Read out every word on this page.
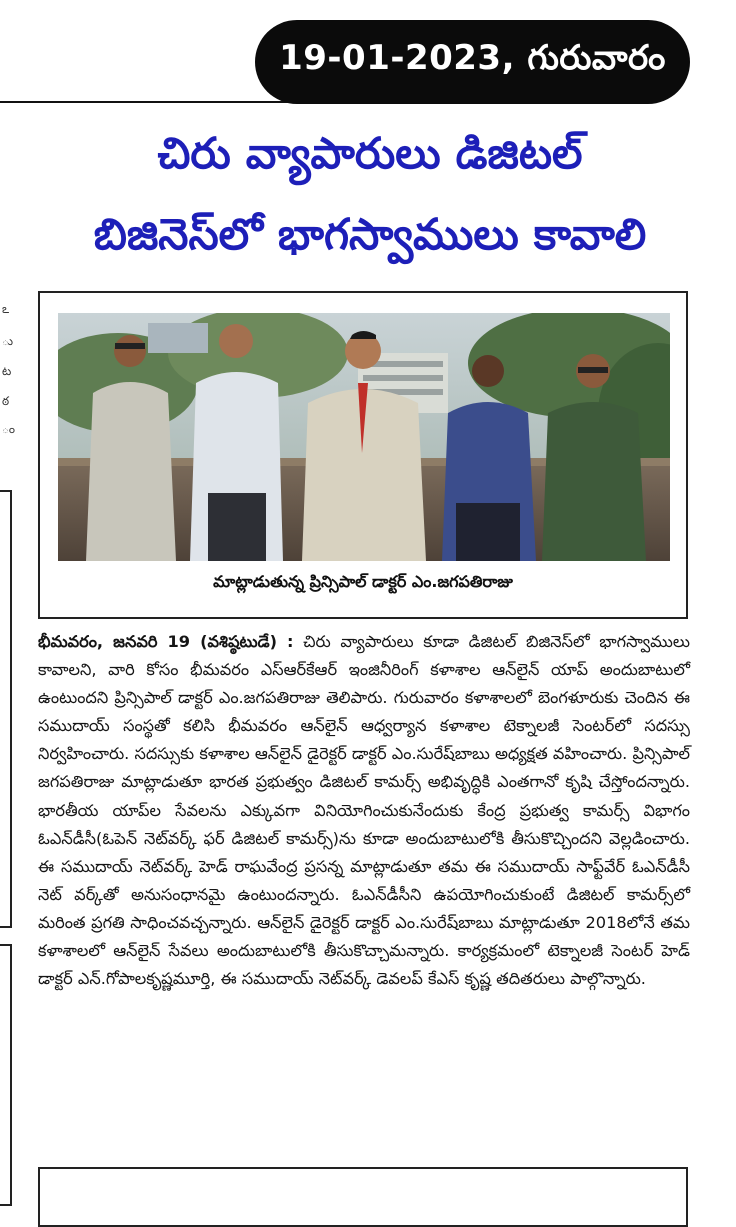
19-01-2023, గురువారం
చిరు వ్యాపారులు డిజిటల్
బిజినెస్‌లో భాగస్వాములు కావాలి
ఽ
ు
ట
ఠ
ం
మాట్లాడుతున్న ప్రిన్సిపాల్ డాక్టర్ ఎం.జగపతిరాజు
భీమవరం, జనవరి 19 (వశిష్ఠటుడే) : చిరు వ్యాపారులు కూడా డిజిటల్ బిజినెస్‌లో భాగస్వాములు కావాలని, వారి కోసం భీమవరం ఎస్ఆర్‌కేఆర్ ఇంజినీరింగ్ కళాశాల ఆన్‌లైన్ యాప్ అందుబాటులో ఉంటుందని ప్రిన్సిపాల్ డాక్టర్ ఎం.జగపతిరాజు తెలిపారు. గురువారం కళాశాలలో బెంగళూరుకు చెందిన ఈ సముదాయ్ సంస్థతో కలిసి భీమవరం ఆన్‌లైన్ ఆధ్వర్యాన కళాశాల టెక్నాలజీ సెంటర్‌లో సదస్సు నిర్వహించారు. సదస్సుకు కళాశాల ఆన్‌లైన్ డైరెక్టర్ డాక్టర్ ఎం.సురేష్‌బాబు అధ్యక్షత వహించారు. ప్రిన్సిపాల్ జగపతిరాజు మాట్లాడుతూ భారత ప్రభుత్వం డిజిటల్ కామర్స్ అభివృద్ధికి ఎంతగానో కృషి చేస్తోందన్నారు. భారతీయ యాప్‌ల సేవలను ఎక్కువగా వినియోగించుకునేందుకు కేంద్ర ప్రభుత్వ కామర్స్ విభాగం ఓఎన్‌డీసీ(ఓపెన్ నెట్‌వర్క్ ఫర్ డిజిటల్ కామర్స్)ను కూడా అందుబాటులోకి తీసుకొచ్చిందని వెల్లడించారు. ఈ సముదాయ్ నెట్‌వర్క్ హెడ్ రాఘవేంద్ర ప్రసన్న మాట్లాడుతూ తమ ఈ సముదాయ్ సాఫ్ట్‌వేర్ ఓఎన్‌డీసీ నెట్ వర్క్‌తో అనుసంధానమై ఉంటుందన్నారు. ఓఎన్‌డీసీని ఉపయోగించుకుంటే డిజిటల్ కామర్స్‌లో మరింత ప్రగతి సాధించవచ్చన్నారు. ఆన్‌లైన్ డైరెక్టర్ డాక్టర్ ఎం.సురేష్‌బాబు మాట్లాడుతూ 2018లోనే తమ కళాశాలలో ఆన్‌లైన్ సేవలు అందుబాటులోకి తీసుకొచ్చామన్నారు. కార్యక్రమంలో టెక్నాలజీ సెంటర్ హెడ్ డాక్టర్ ఎన్.గోపాలకృష్ణమూర్తి, ఈ సముదాయ్ నెట్‌వర్క్ డెవలప్ కేఎస్ కృష్ణ తదితరులు పాల్గొన్నారు.
